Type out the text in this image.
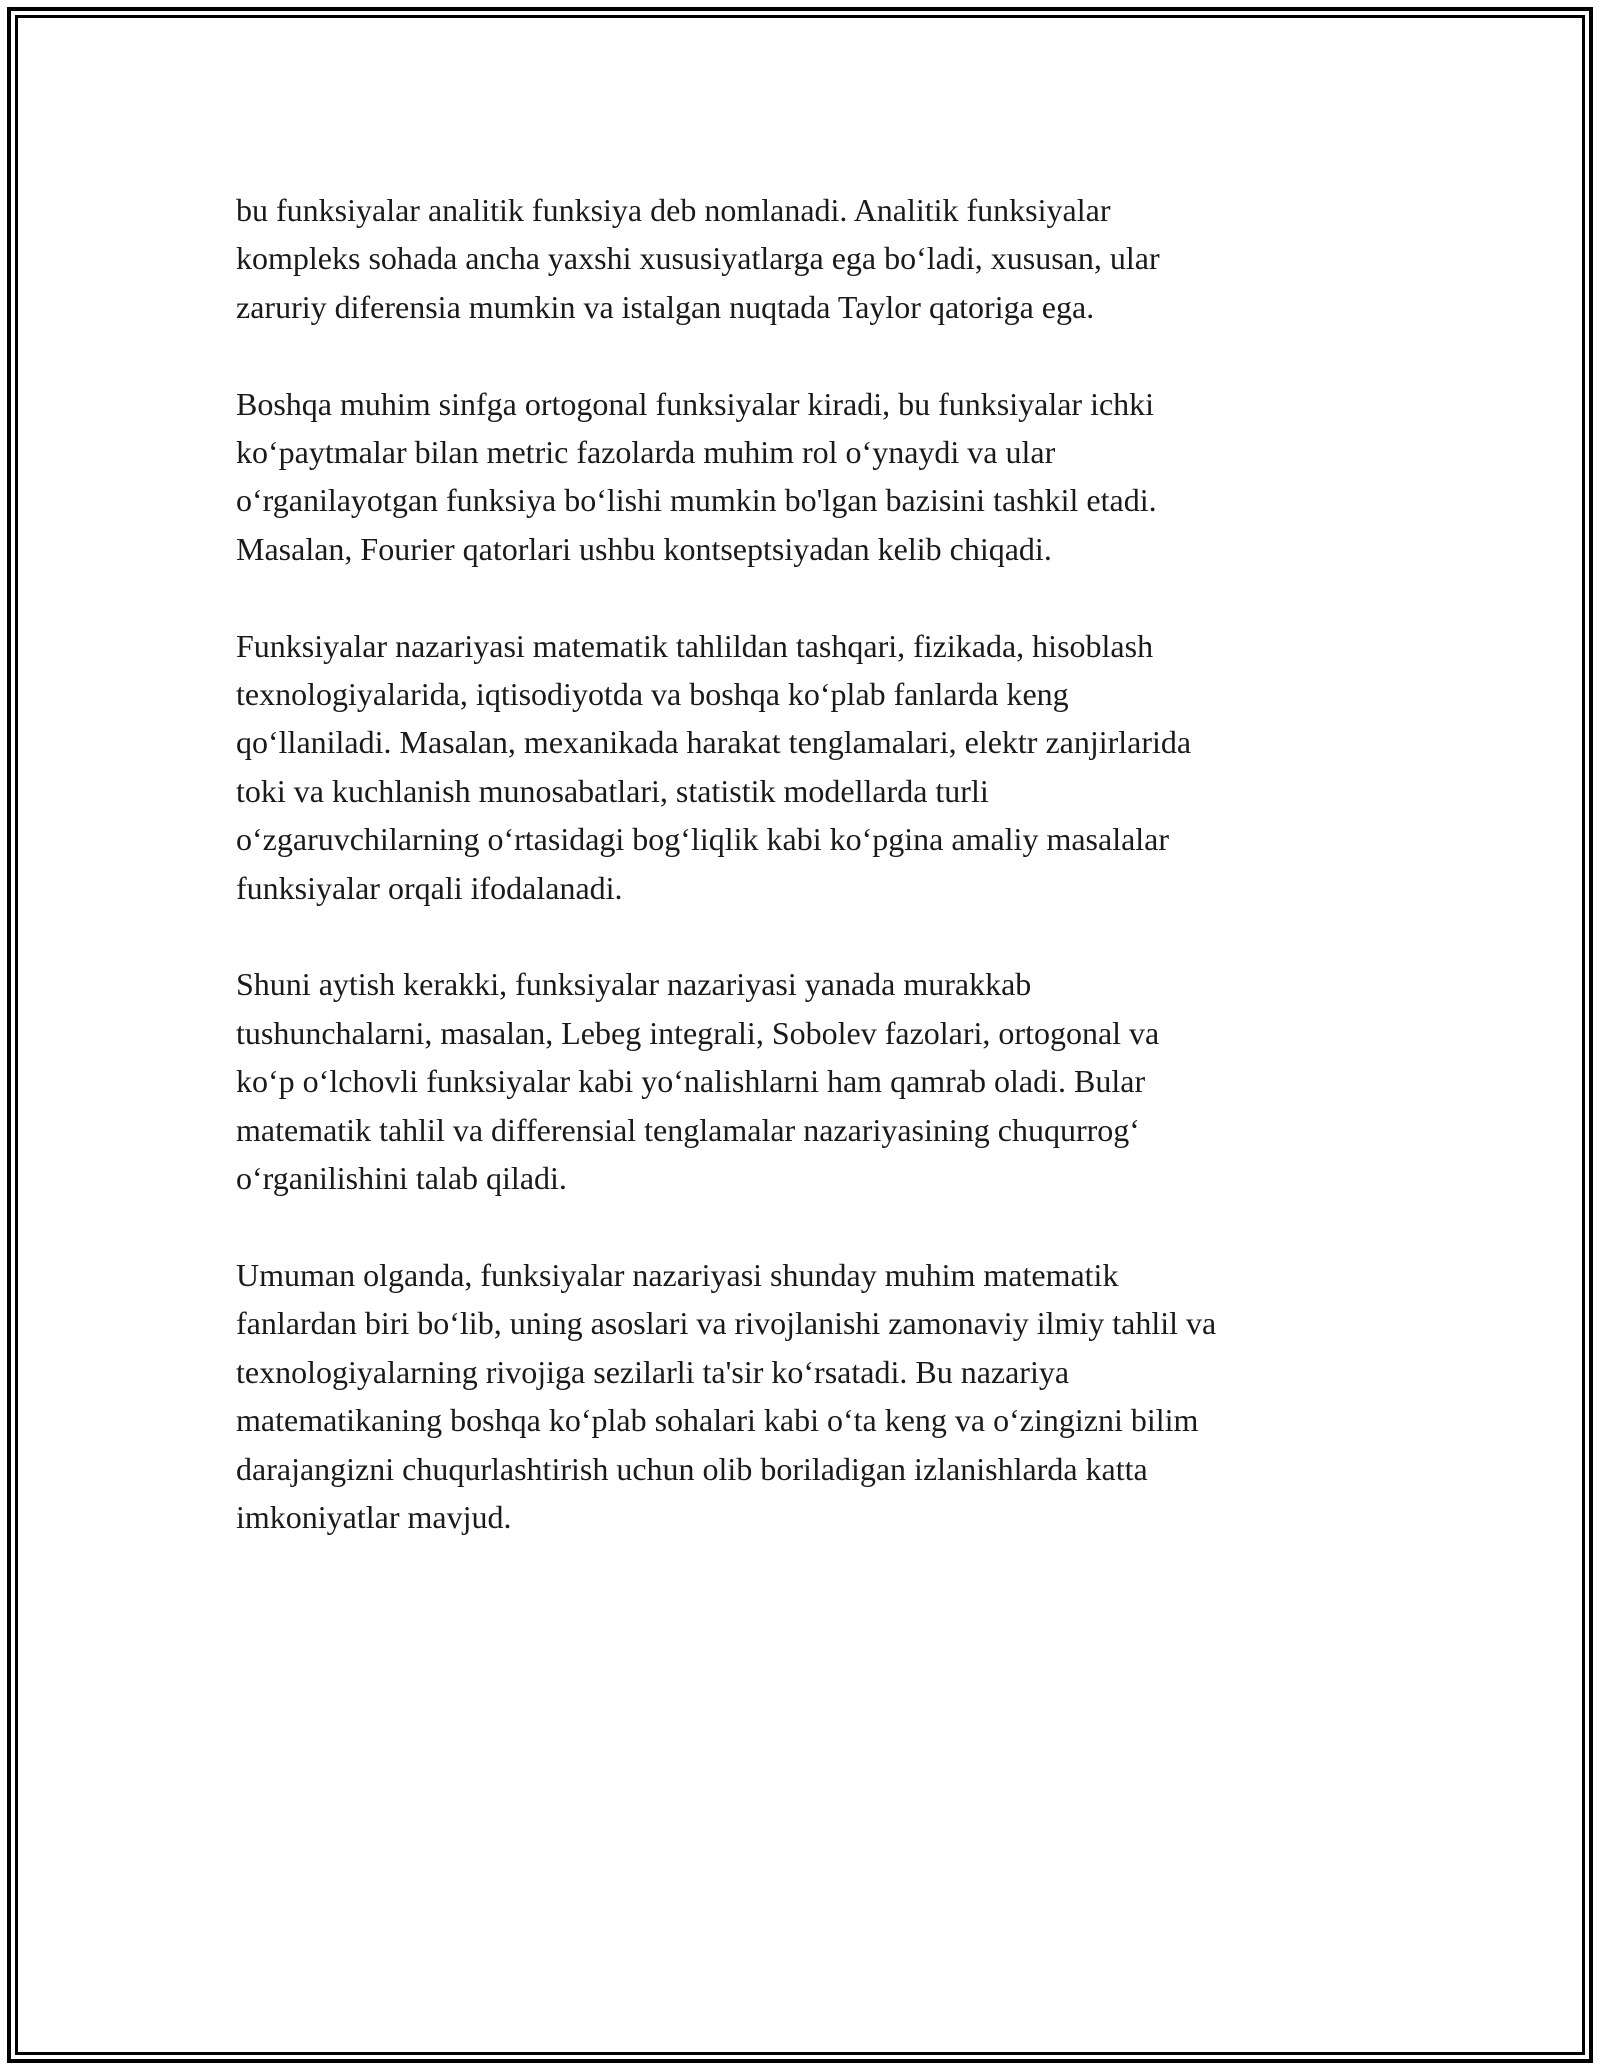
bu funksiyalar analitik funksiya deb nomlanadi. Analitik funksiyalar
kompleks sohada ancha yaxshi xususiyatlarga ega bo‘ladi, xususan, ular
zaruriy diferensia mumkin va istalgan nuqtada Taylor qatoriga ega.

Boshqa muhim sinfga ortogonal funksiyalar kiradi, bu funksiyalar ichki
ko‘paytmalar bilan metric fazolarda muhim rol o‘ynaydi va ular
o‘rganilayotgan funksiya bo‘lishi mumkin bo'lgan bazisini tashkil etadi.
Masalan, Fourier qatorlari ushbu kontseptsiyadan kelib chiqadi.

Funksiyalar nazariyasi matematik tahlildan tashqari, fizikada, hisoblash
texnologiyalarida, iqtisodiyotda va boshqa ko‘plab fanlarda keng
qo‘llaniladi. Masalan, mexanikada harakat tenglamalari, elektr zanjirlarida
toki va kuchlanish munosabatlari, statistik modellarda turli
o‘zgaruvchilarning o‘rtasidagi bog‘liqlik kabi ko‘pgina amaliy masalalar
funksiyalar orqali ifodalanadi.

Shuni aytish kerakki, funksiyalar nazariyasi yanada murakkab
tushunchalarni, masalan, Lebeg integrali, Sobolev fazolari, ortogonal va
ko‘p o‘lchovli funksiyalar kabi yo‘nalishlarni ham qamrab oladi. Bular
matematik tahlil va differensial tenglamalar nazariyasining chuqurrog‘
o‘rganilishini talab qiladi.

Umuman olganda, funksiyalar nazariyasi shunday muhim matematik
fanlardan biri bo‘lib, uning asoslari va rivojlanishi zamonaviy ilmiy tahlil va
texnologiyalarning rivojiga sezilarli ta'sir ko‘rsatadi. Bu nazariya
matematikaning boshqa ko‘plab sohalari kabi o‘ta keng va o‘zingizni bilim
darajangizni chuqurlashtirish uchun olib boriladigan izlanishlarda katta
imkoniyatlar mavjud.
